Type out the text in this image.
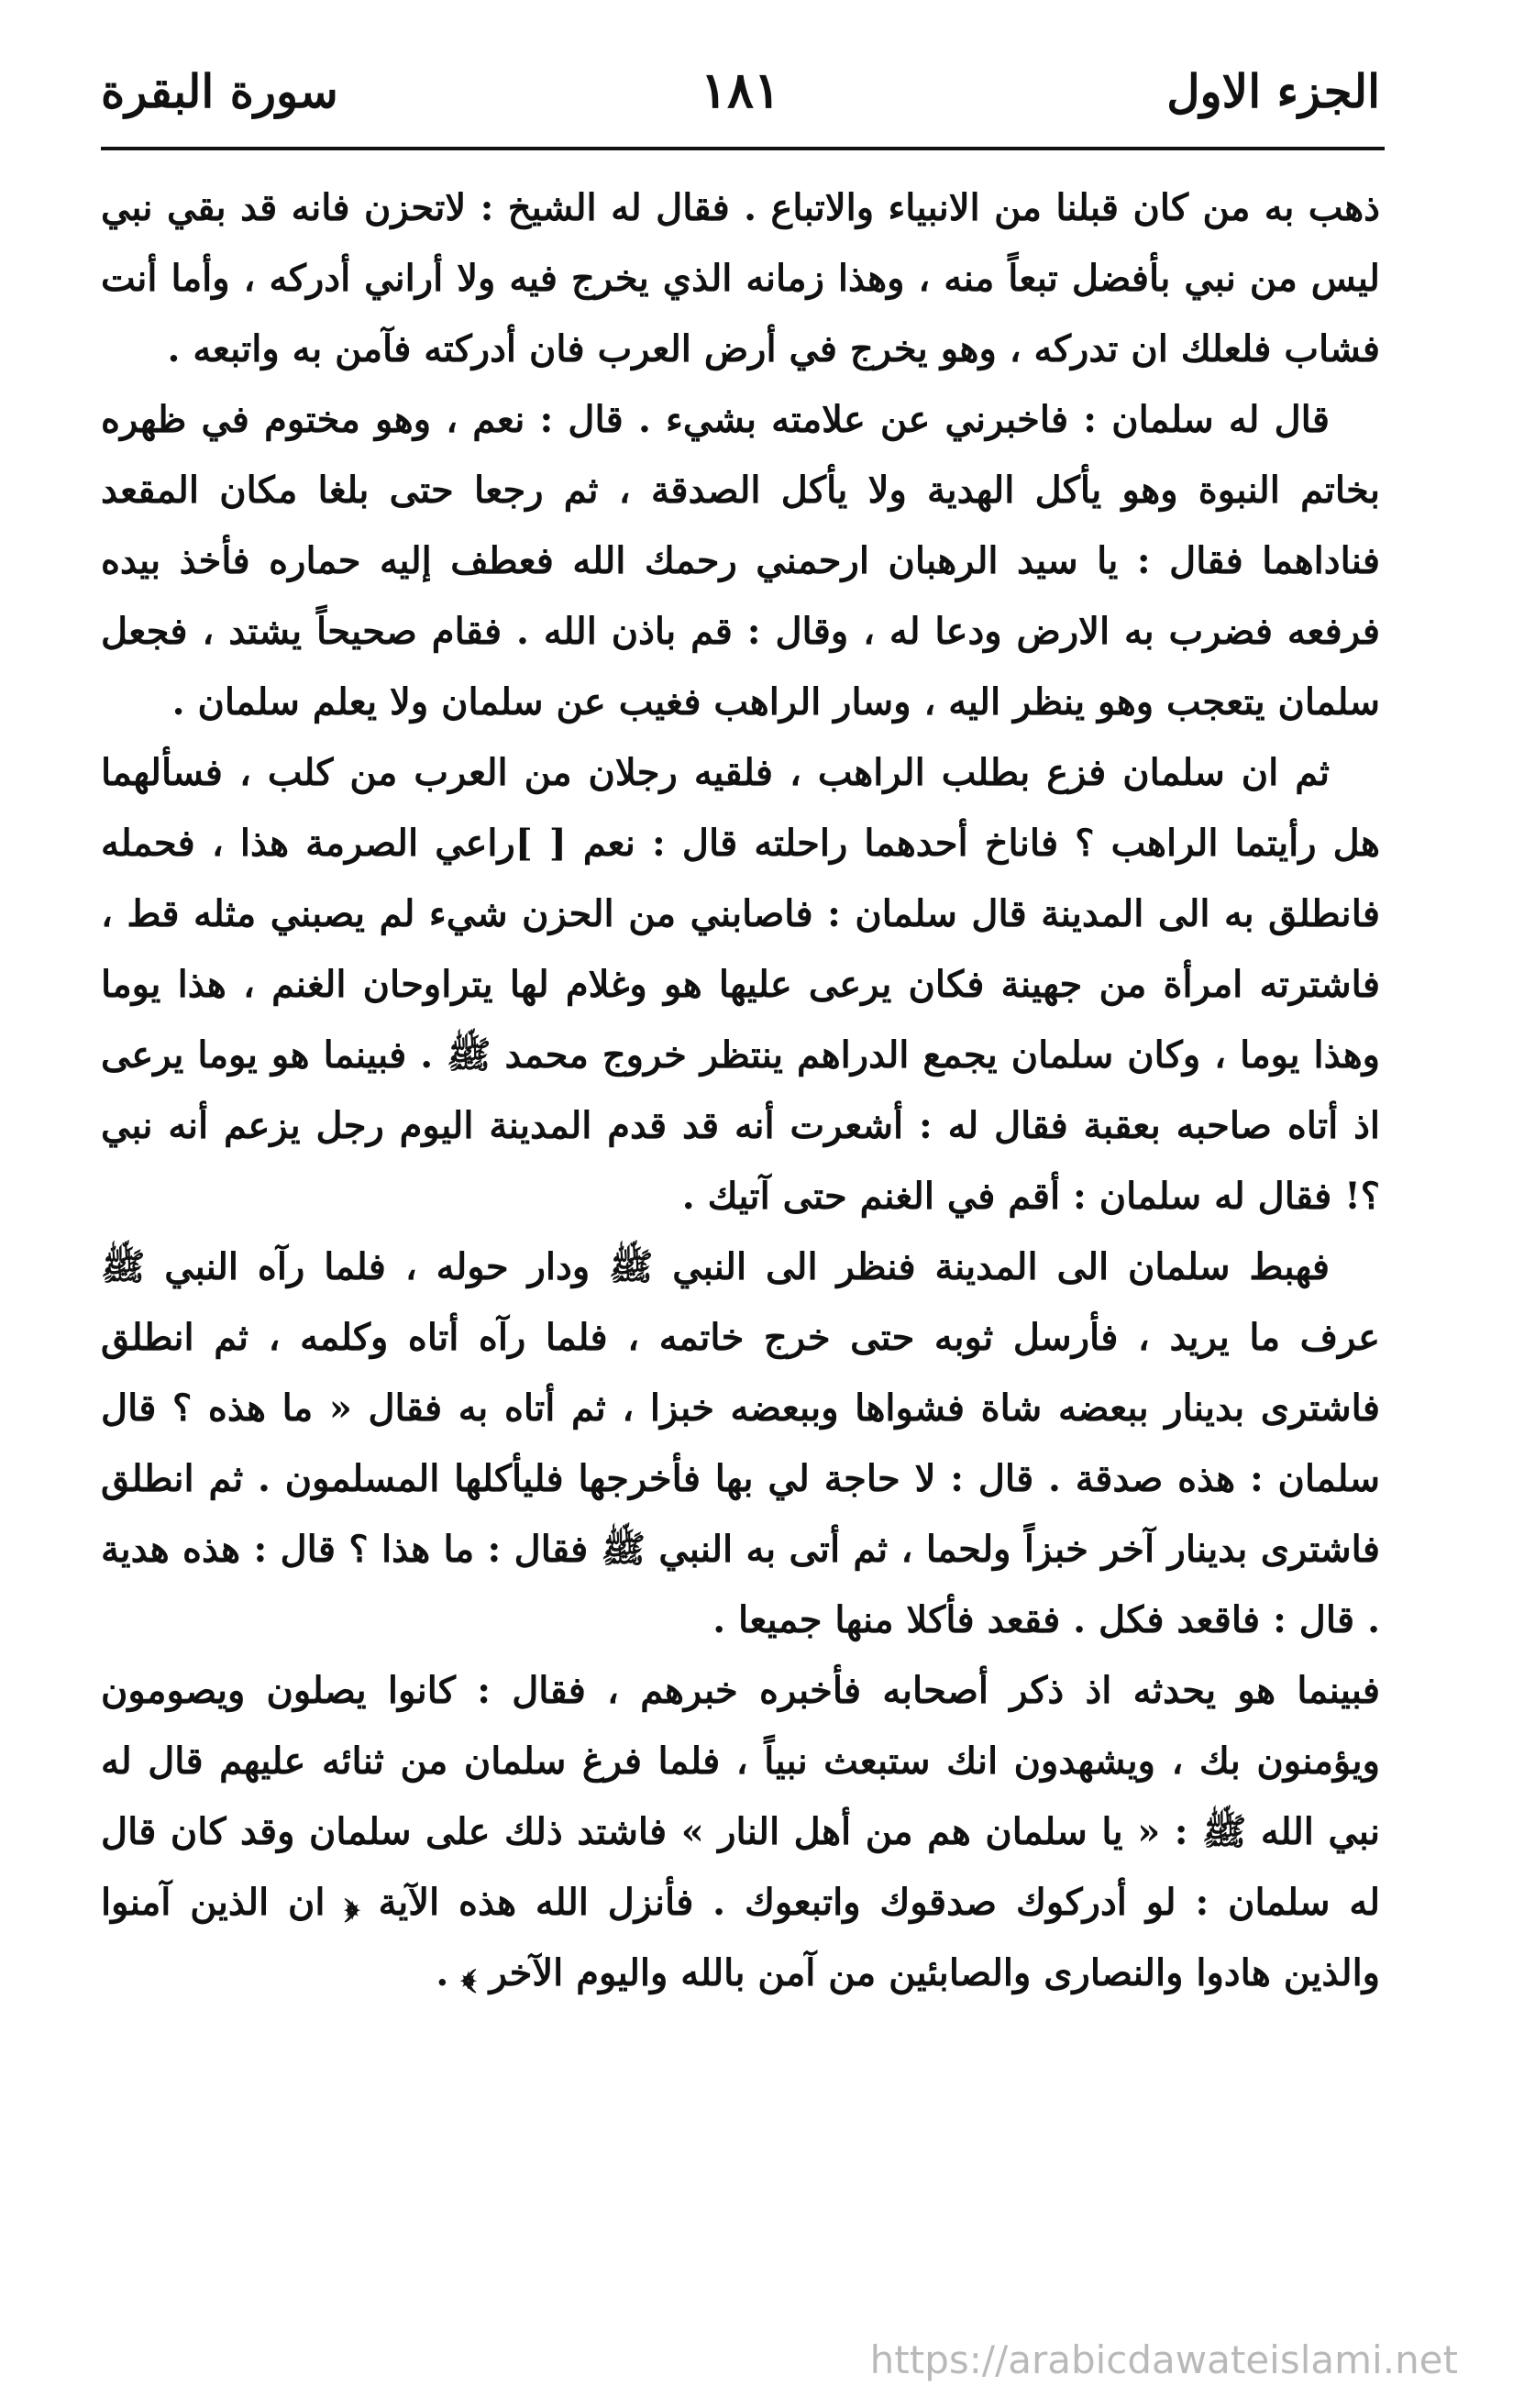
الجزء الاول
١٨١
سورة البقرة

ذهب به من كان قبلنا من الانبياء والاتباع . فقال له الشيخ : لاتحزن فانه قد بقي نبي ليس من نبي بأفضل تبعاً منه ، وهذا زمانه الذي يخرج فيه ولا أراني أدركه ، وأما أنت فشاب فلعلك ان تدركه ، وهو يخرج في أرض العرب فان أدركته فآمن به واتبعه .

قال له سلمان : فاخبرني عن علامته بشيء . قال : نعم ، وهو مختوم في ظهره بخاتم النبوة وهو يأكل الهدية ولا يأكل الصدقة ، ثم رجعا حتى بلغا مكان المقعد فناداهما فقال : يا سيد الرهبان ارحمني رحمك الله فعطف إليه حماره فأخذ بيده فرفعه فضرب به الارض ودعا له ، وقال : قم باذن الله . فقام صحيحاً يشتد ، فجعل سلمان يتعجب وهو ينظر اليه ، وسار الراهب فغيب عن سلمان ولا يعلم سلمان .

ثم ان سلمان فزع بطلب الراهب ، فلقيه رجلان من العرب من كلب ، فسألهما هل رأيتما الراهب ؟ فاناخ أحدهما راحلته قال : نعم [ ]راعي الصرمة هذا ، فحمله فانطلق به الى المدينة قال سلمان : فاصابني من الحزن شيء لم يصبني مثله قط ، فاشترته امرأة من جهينة فكان يرعى عليها هو وغلام لها يتراوحان الغنم ، هذا يوما وهذا يوما ، وكان سلمان يجمع الدراهم ينتظر خروج محمد ﷺ . فبينما هو يوما يرعى اذ أتاه صاحبه بعقبة فقال له : أشعرت أنه قد قدم المدينة اليوم رجل يزعم أنه نبي ؟! فقال له سلمان : أقم في الغنم حتى آتيك .

فهبط سلمان الى المدينة فنظر الى النبي ﷺ ودار حوله ، فلما رآه النبي ﷺ عرف ما يريد ، فأرسل ثوبه حتى خرج خاتمه ، فلما رآه أتاه وكلمه ، ثم انطلق فاشترى بدينار ببعضه شاة فشواها وببعضه خبزا ، ثم أتاه به فقال « ما هذه ؟ قال سلمان : هذه صدقة . قال : لا حاجة لي بها فأخرجها فليأكلها المسلمون . ثم انطلق فاشترى بدينار آخر خبزاً ولحما ، ثم أتى به النبي ﷺ فقال : ما هذا ؟ قال : هذه هدية . قال : فاقعد فكل . فقعد فأكلا منها جميعا .

فبينما هو يحدثه اذ ذكر أصحابه فأخبره خبرهم ، فقال : كانوا يصلون ويصومون ويؤمنون بك ، ويشهدون انك ستبعث نبياً ، فلما فرغ سلمان من ثنائه عليهم قال له نبي الله ﷺ : « يا سلمان هم من أهل النار » فاشتد ذلك على سلمان وقد كان قال له سلمان : لو أدركوك صدقوك واتبعوك . فأنزل الله هذه الآية ﴿ ان الذين آمنوا والذين هادوا والنصارى والصابئين من آمن بالله واليوم الآخر ﴾ .

https://arabicdawateislami.net
